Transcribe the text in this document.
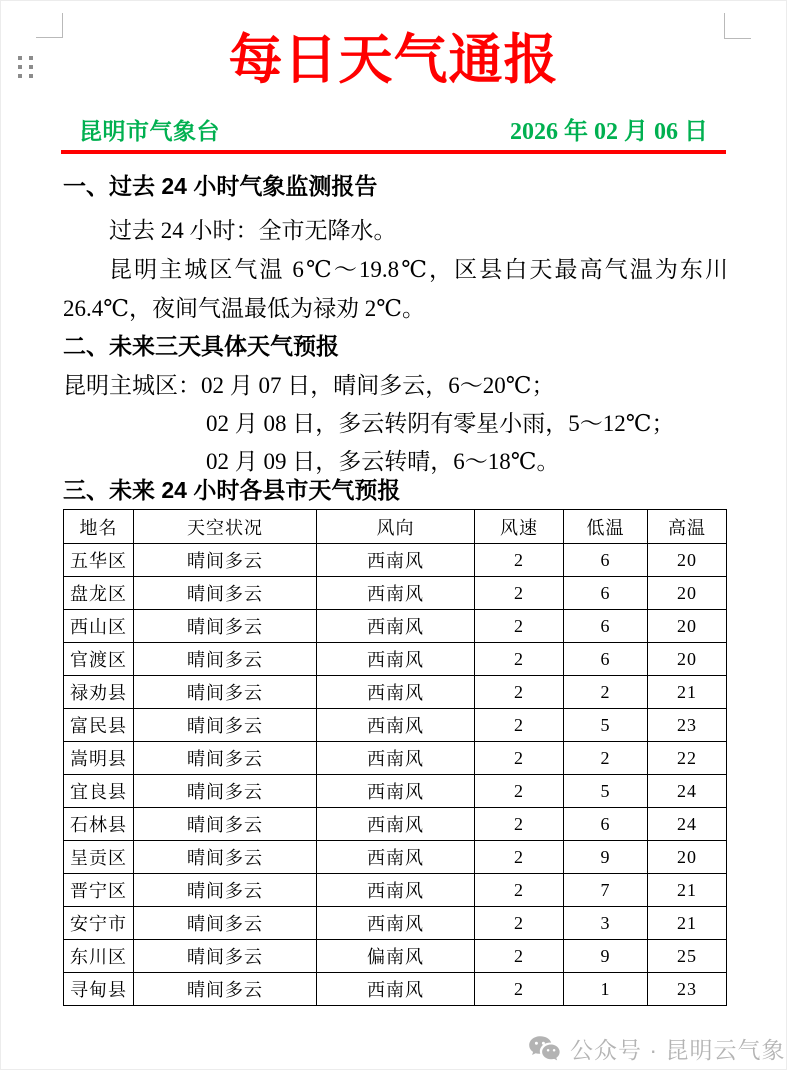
每日天气通报
昆明市气象台	2026 年 02 月 06 日
一、过去 24 小时气象监测报告
过去 24 小时：全市无降水。
昆明主城区气温 6℃～19.8℃，区县白天最高气温为东川 26.4℃，夜间气温最低为禄劝 2℃。
二、未来三天具体天气预报
昆明主城区：02 月 07 日，晴间多云，6～20℃；
02 月 08 日，多云转阴有零星小雨，5～12℃；
02 月 09 日，多云转晴，6～18℃。
三、未来 24 小时各县市天气预报
地名	天空状况	风向	风速	低温	高温
五华区	晴间多云	西南风	2	6	20
盘龙区	晴间多云	西南风	2	6	20
西山区	晴间多云	西南风	2	6	20
官渡区	晴间多云	西南风	2	6	20
禄劝县	晴间多云	西南风	2	2	21
富民县	晴间多云	西南风	2	5	23
嵩明县	晴间多云	西南风	2	2	22
宜良县	晴间多云	西南风	2	5	24
石林县	晴间多云	西南风	2	6	24
呈贡区	晴间多云	西南风	2	9	20
晋宁区	晴间多云	西南风	2	7	21
安宁市	晴间多云	西南风	2	3	21
东川区	晴间多云	偏南风	2	9	25
寻甸县	晴间多云	西南风	2	1	23
公众号 · 昆明云气象
